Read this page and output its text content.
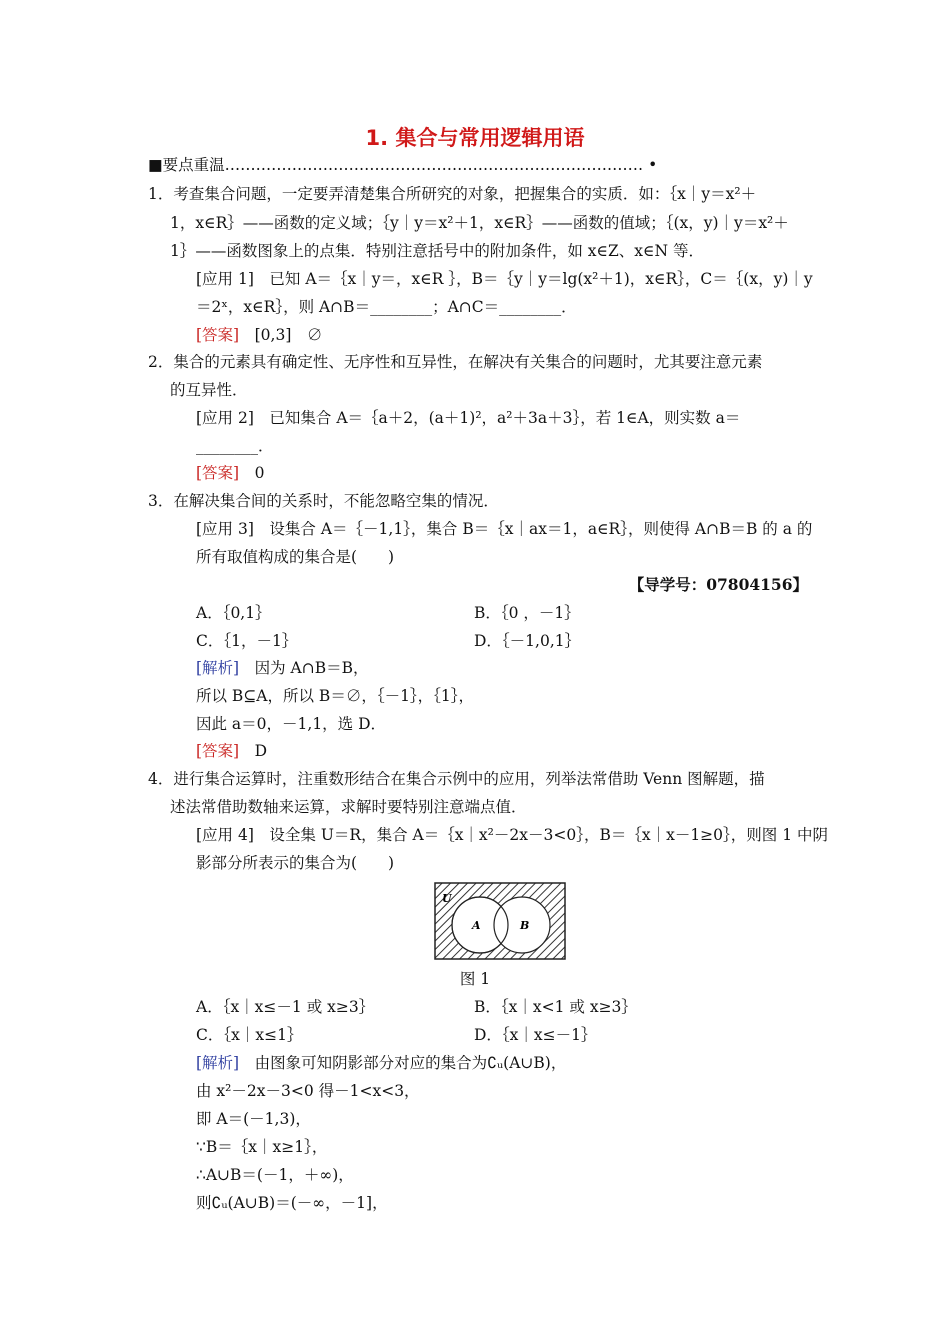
1. 集合与常用逻辑用语
■要点重温……………………………………………………………………… •
1．考查集合问题，一定要弄清楚集合所研究的对象，把握集合的实质．如：｛x｜y＝x²＋
1，x∈R｝——函数的定义域；｛y｜y＝x²＋1，x∈R｝——函数的值域；｛(x，y)｜y＝x²＋
1｝——函数图象上的点集．特别注意括号中的附加条件，如 x∈Z、x∈N 等．
[应用 1]　 已知 A＝｛x｜y＝，x∈R ｝，B＝｛y｜y＝lg(x²＋1)，x∈R｝，C＝｛(x，y)｜y
＝2ˣ，x∈R｝，则 A∩B＝________；A∩C＝________．
[答案]　 [0,3]　∅
2．集合的元素具有确定性、无序性和互异性，在解决有关集合的问题时，尤其要注意元素
的互异性．
[应用 2]　 已知集合 A＝｛a＋2，(a＋1)²，a²＋3a＋3｝，若 1∈A，则实数 a＝
________．
[答案]　 0
3．在解决集合间的关系时，不能忽略空集的情况．
[应用 3]　 设集合 A＝｛－1,1｝，集合 B＝｛x｜ax＝1，a∈R｝，则使得 A∩B＝B 的 a 的
所有取值构成的集合是(　　)
【导学号：07804156】
A．｛0,1｝	B．｛0 ，－1｝
C．｛1，－1｝	D．｛－1,0,1｝
[解析]　 因为 A∩B＝B，
所以 B⊆A，所以 B＝∅，｛－1｝，｛1｝，
因此 a＝0，－1,1，选 D．
[答案]　 D
4．进行集合运算时，注重数形结合在集合示例中的应用，列举法常借助 Venn 图解题，描
述法常借助数轴来运算，求解时要特别注意端点值．
[应用 4]　 设全集 U＝R，集合 A＝｛x｜x²－2x－3<0｝，B＝｛x｜x－1≥0｝，则图 1 中阴
影部分所表示的集合为(　　)
U
A	B
图 1
A．｛x｜x≤－1 或 x≥3｝	B．｛x｜x<1 或 x≥3｝
C．｛x｜x≤1｝	D．｛x｜x≤－1｝
[解析]　 由图象可知阴影部分对应的集合为∁ᵤ(A∪B)，
由 x²－2x－3<0 得－1<x<3，
即 A＝(－1,3)，
∵B＝｛x｜x≥1｝，
∴A∪B＝(－1，＋∞)，
则∁ᵤ(A∪B)＝(－∞，－1]，
